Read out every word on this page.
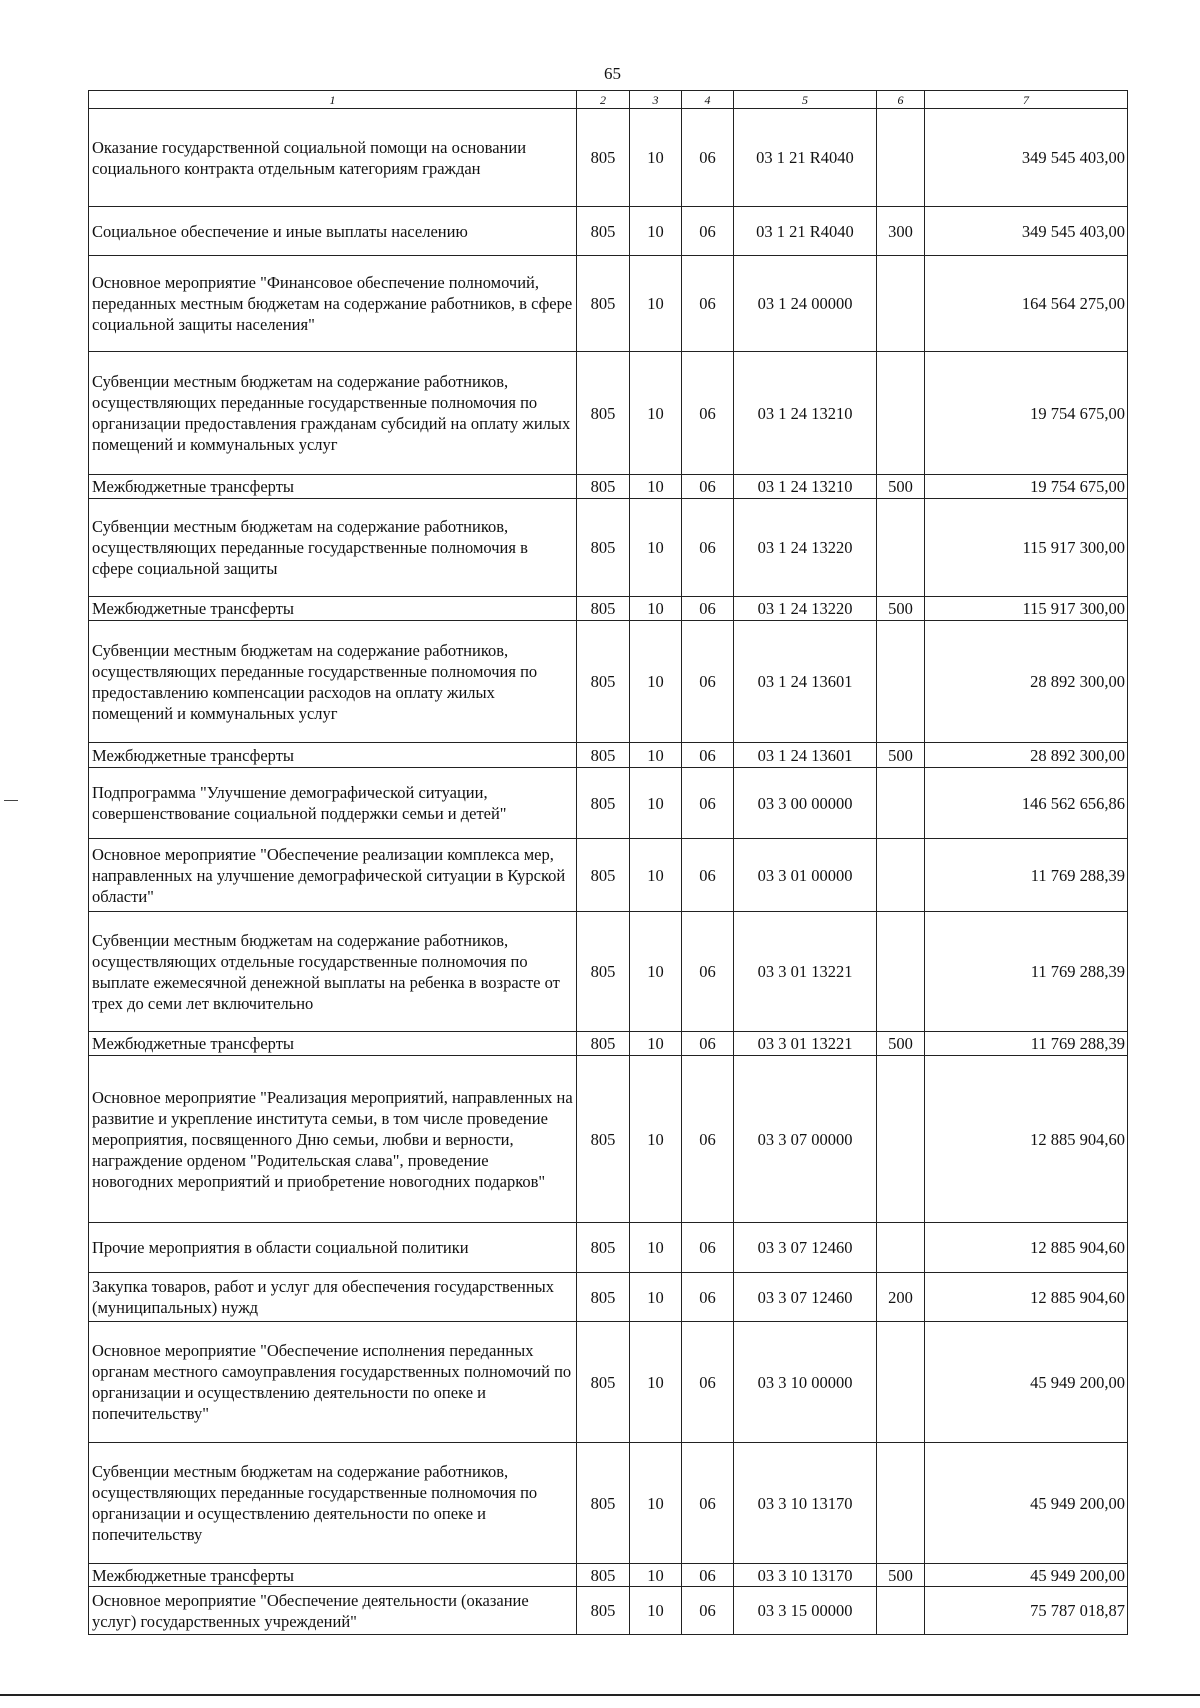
65
1	2	3	4	5	6	7
Оказание государственной социальной помощи на основании социального контракта отдельным категориям граждан	805	10	06	03 1 21 R4040		349 545 403,00
Социальное обеспечение и иные выплаты населению	805	10	06	03 1 21 R4040	300	349 545 403,00
Основное мероприятие "Финансовое обеспечение полномочий, переданных местным бюджетам на содержание работников, в сфере социальной защиты населения"	805	10	06	03 1 24 00000		164 564 275,00
Субвенции местным бюджетам на содержание работников, осуществляющих переданные государственные полномочия по организации предоставления гражданам субсидий на оплату жилых помещений и коммунальных услуг	805	10	06	03 1 24 13210		19 754 675,00
Межбюджетные трансферты	805	10	06	03 1 24 13210	500	19 754 675,00
Субвенции местным бюджетам на содержание работников, осуществляющих переданные государственные полномочия в сфере социальной защиты	805	10	06	03 1 24 13220		115 917 300,00
Межбюджетные трансферты	805	10	06	03 1 24 13220	500	115 917 300,00
Субвенции местным бюджетам на содержание работников, осуществляющих переданные государственные полномочия по предоставлению компенсации расходов на оплату жилых помещений и коммунальных услуг	805	10	06	03 1 24 13601		28 892 300,00
Межбюджетные трансферты	805	10	06	03 1 24 13601	500	28 892 300,00
Подпрограмма "Улучшение демографической ситуации, совершенствование социальной поддержки семьи и детей"	805	10	06	03 3 00 00000		146 562 656,86
Основное мероприятие "Обеспечение реализации комплекса мер, направленных на улучшение демографической ситуации в Курской области"	805	10	06	03 3 01 00000		11 769 288,39
Субвенции местным бюджетам на содержание работников, осуществляющих отдельные государственные полномочия по выплате ежемесячной денежной выплаты на ребенка в возрасте от трех до семи лет включительно	805	10	06	03 3 01 13221		11 769 288,39
Межбюджетные трансферты	805	10	06	03 3 01 13221	500	11 769 288,39
Основное мероприятие "Реализация мероприятий, направленных на развитие и укрепление института семьи, в том числе проведение мероприятия, посвященного Дню семьи, любви и верности, награждение орденом "Родительская слава", проведение новогодних мероприятий и приобретение новогодних подарков"	805	10	06	03 3 07 00000		12 885 904,60
Прочие мероприятия в области социальной политики	805	10	06	03 3 07 12460		12 885 904,60
Закупка товаров, работ и услуг для обеспечения государственных (муниципальных) нужд	805	10	06	03 3 07 12460	200	12 885 904,60
Основное мероприятие "Обеспечение исполнения переданных органам местного самоуправления государственных полномочий по организации и осуществлению деятельности по опеке и попечительству"	805	10	06	03 3 10 00000		45 949 200,00
Субвенции местным бюджетам на содержание работников, осуществляющих переданные государственные полномочия по организации и осуществлению деятельности по опеке и попечительству	805	10	06	03 3 10 13170		45 949 200,00
Межбюджетные трансферты	805	10	06	03 3 10 13170	500	45 949 200,00
Основное мероприятие "Обеспечение деятельности (оказание услуг) государственных учреждений"	805	10	06	03 3 15 00000		75 787 018,87
